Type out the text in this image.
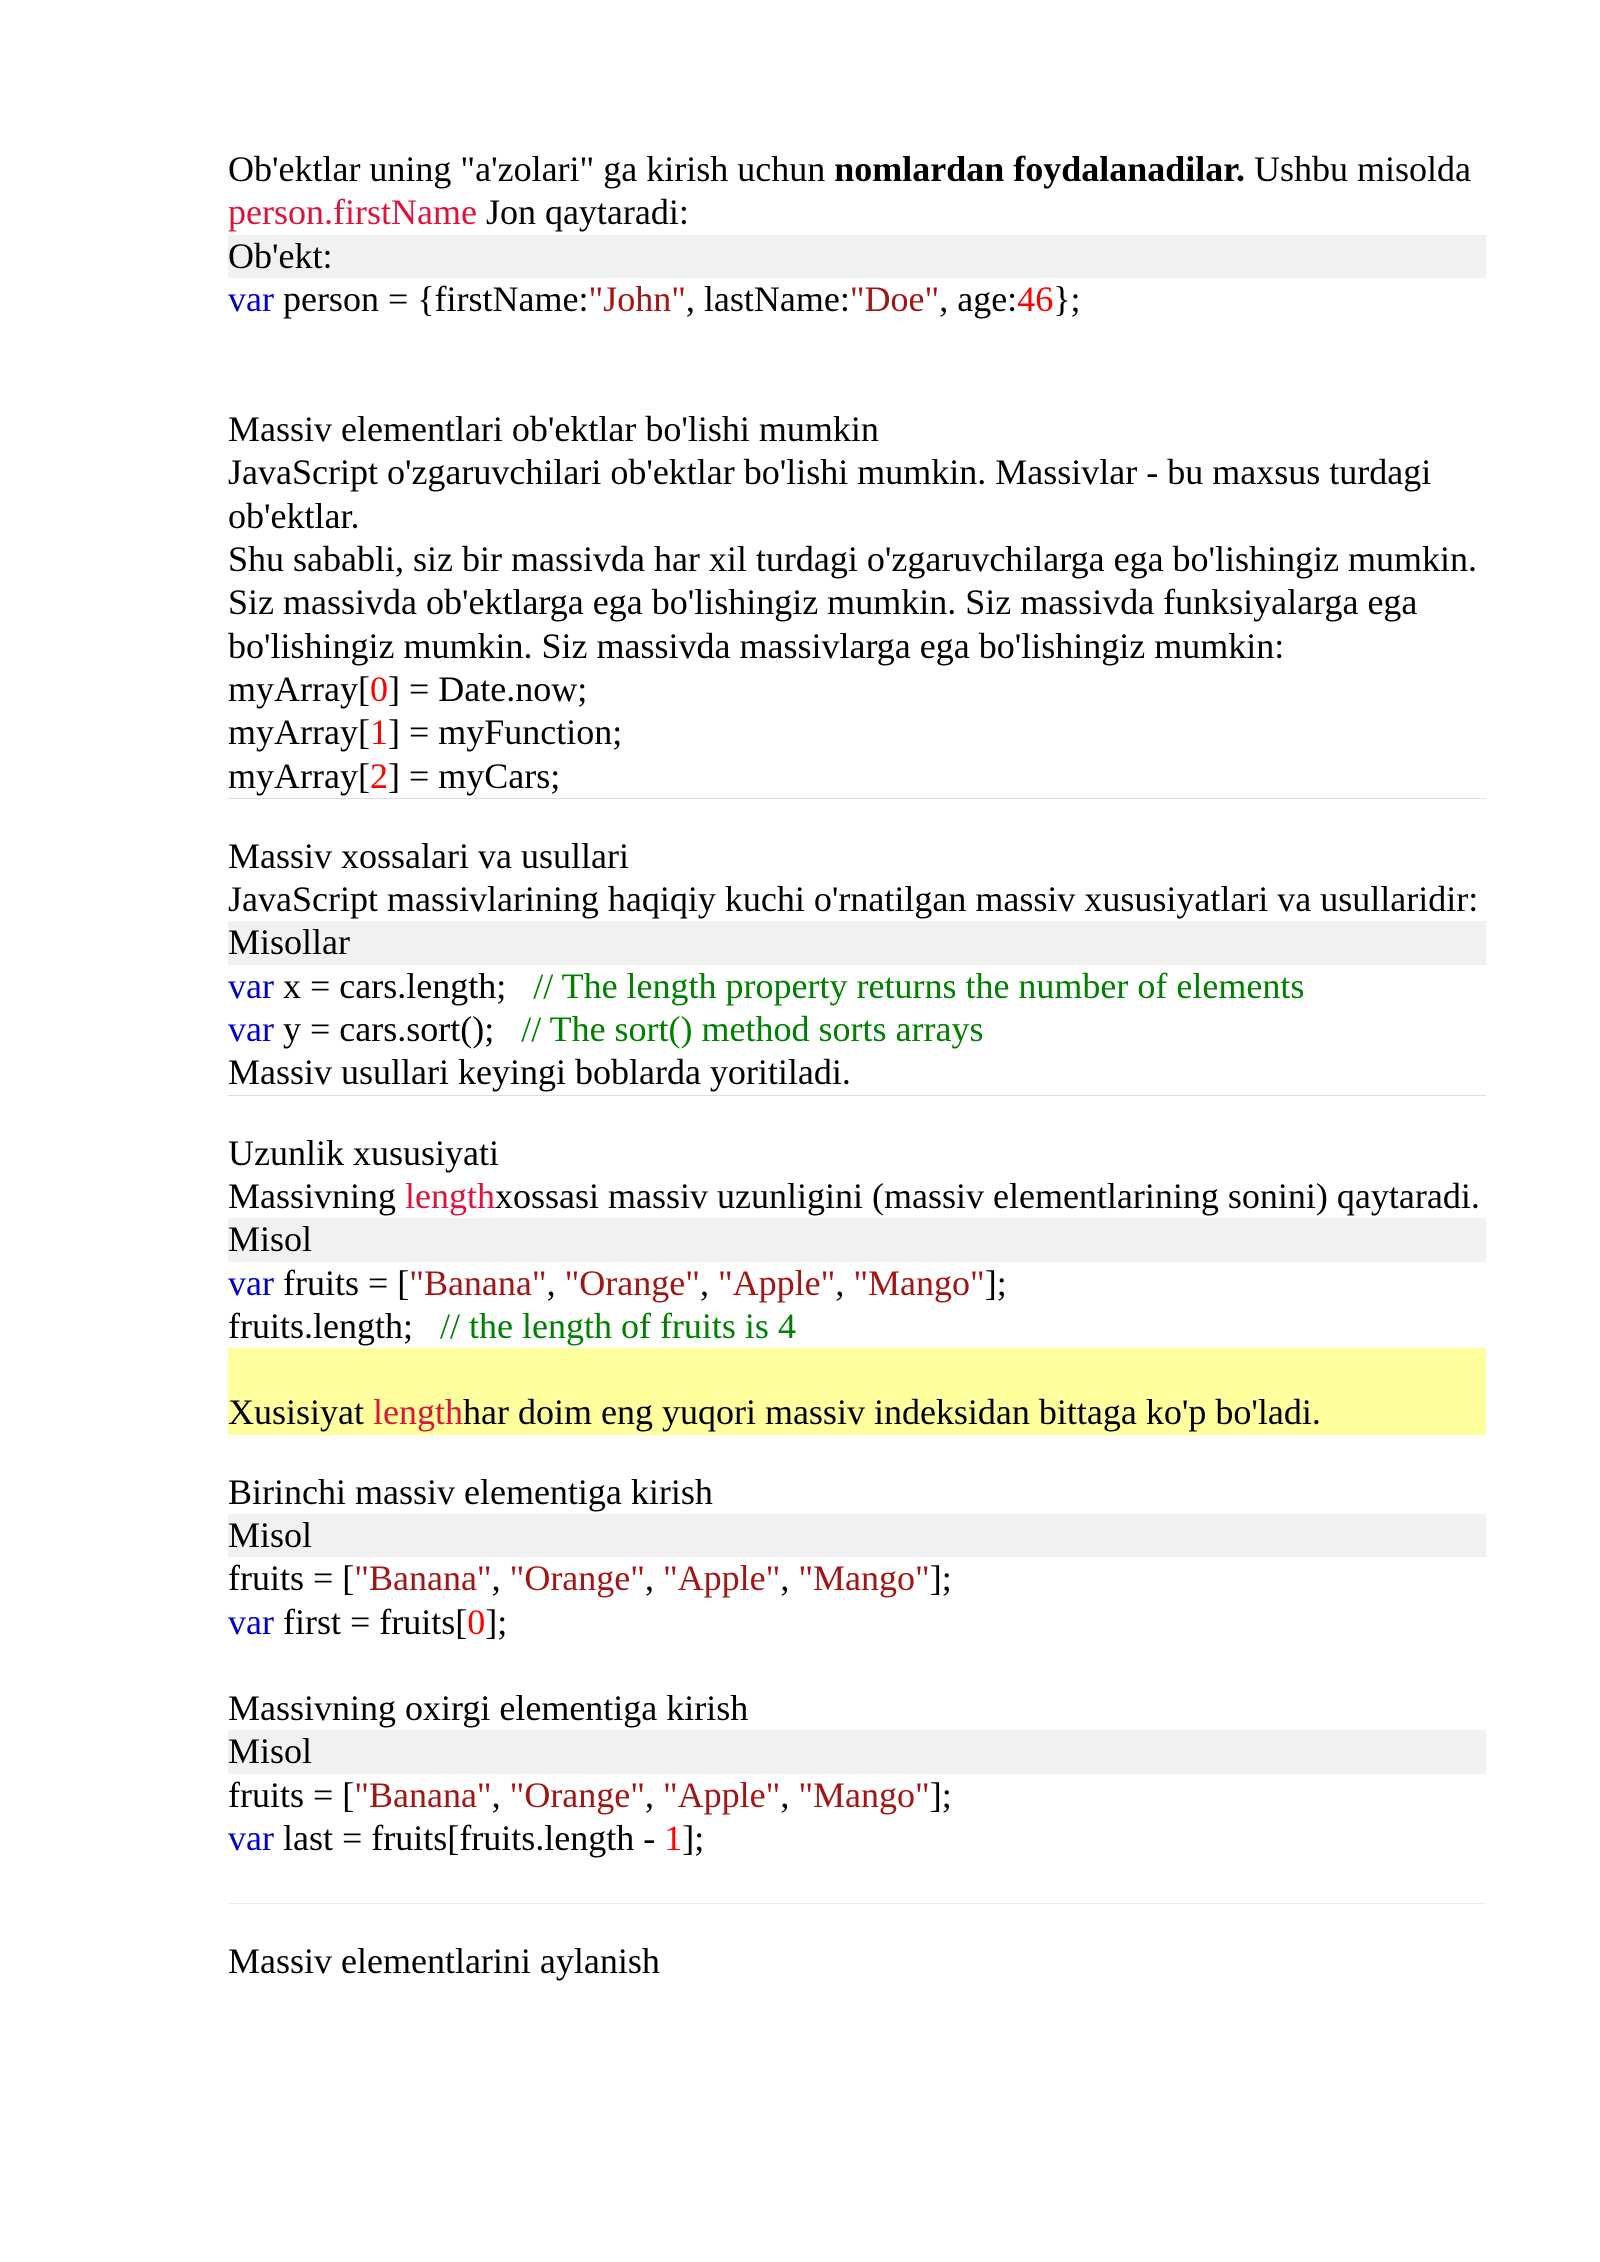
Ob'ektlar uning "a'zolari" ga kirish uchun nomlardan foydalanadilar. Ushbu misolda person.firstName Jon qaytaradi:
Ob'ekt:
var person = {firstName:"John", lastName:"Doe", age:46};
Massiv elementlari ob'ektlar bo'lishi mumkin
JavaScript o'zgaruvchilari ob'ektlar bo'lishi mumkin. Massivlar - bu maxsus turdagi ob'ektlar.
Shu sababli, siz bir massivda har xil turdagi o'zgaruvchilarga ega bo'lishingiz mumkin.
Siz massivda ob'ektlarga ega bo'lishingiz mumkin. Siz massivda funksiyalarga ega bo'lishingiz mumkin. Siz massivda massivlarga ega bo'lishingiz mumkin:
myArray[0] = Date.now;
myArray[1] = myFunction;
myArray[2] = myCars;
Massiv xossalari va usullari
JavaScript massivlarining haqiqiy kuchi o'rnatilgan massiv xususiyatlari va usullaridir:
Misollar
var x = cars.length;   // The length property returns the number of elements
var y = cars.sort();   // The sort() method sorts arrays
Massiv usullari keyingi boblarda yoritiladi.
Uzunlik xususiyati
Massivning lengthxossasi massiv uzunligini (massiv elementlarining sonini) qaytaradi.
Misol
var fruits = ["Banana", "Orange", "Apple", "Mango"];
fruits.length;   // the length of fruits is 4
Xusisiyat lengthhar doim eng yuqori massiv indeksidan bittaga ko'p bo'ladi.
Birinchi massiv elementiga kirish
Misol
fruits = ["Banana", "Orange", "Apple", "Mango"];
var first = fruits[0];
Massivning oxirgi elementiga kirish
Misol
fruits = ["Banana", "Orange", "Apple", "Mango"];
var last = fruits[fruits.length - 1];
Massiv elementlarini aylanish
